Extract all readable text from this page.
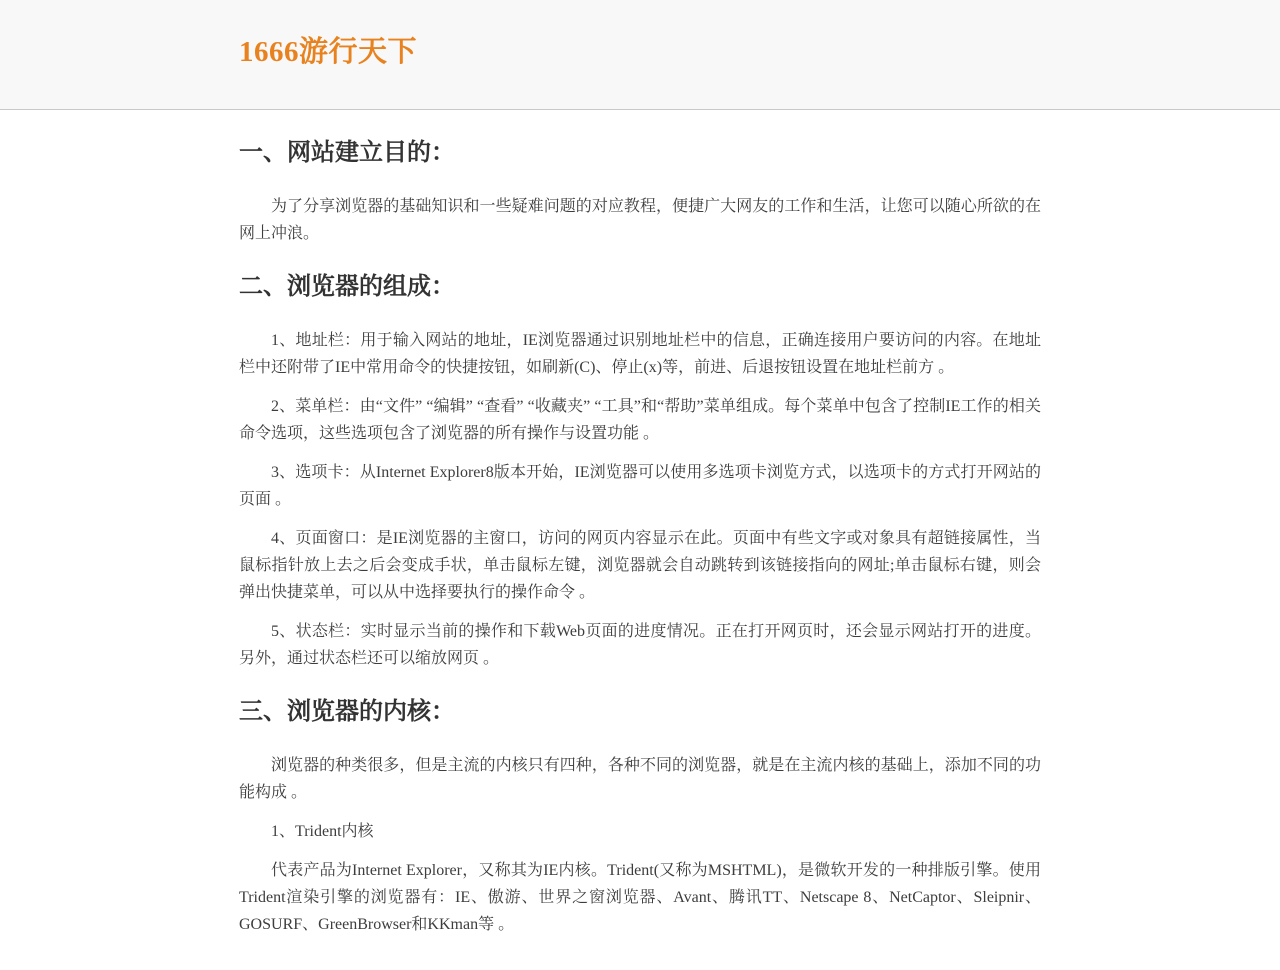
1666游行天下
一、网站建立目的：

为了分享浏览器的基础知识和一些疑难问题的对应教程，便捷广大网友的工作和生活，让您可以随心所欲的在网上冲浪。

二、浏览器的组成：

1、地址栏：用于输入网站的地址，IE浏览器通过识别地址栏中的信息，正确连接用户要访问的内容。在地址栏中还附带了IE中常用命令的快捷按钮，如刷新(C)、停止(x)等，前进、后退按钮设置在地址栏前方 。

2、菜单栏：由“文件” “编辑” “查看” “收藏夹” “工具”和“帮助”菜单组成。每个菜单中包含了控制IE工作的相关命令选项，这些选项包含了浏览器的所有操作与设置功能 。

3、选项卡：从Internet Explorer8版本开始，IE浏览器可以使用多选项卡浏览方式，以选项卡的方式打开网站的页面 。

4、页面窗口：是IE浏览器的主窗口，访问的网页内容显示在此。页面中有些文字或对象具有超链接属性，当鼠标指针放上去之后会变成手状，单击鼠标左键，浏览器就会自动跳转到该链接指向的网址;单击鼠标右键，则会弹出快捷菜单，可以从中选择要执行的操作命令 。

5、状态栏：实时显示当前的操作和下载Web页面的进度情况。正在打开网页时，还会显示网站打开的进度。另外，通过状态栏还可以缩放网页 。

三、浏览器的内核：

浏览器的种类很多，但是主流的内核只有四种，各种不同的浏览器，就是在主流内核的基础上，添加不同的功能构成 。

1、Trident内核

代表产品为Internet Explorer，又称其为IE内核。Trident(又称为MSHTML)，是微软开发的一种排版引擎。使用Trident渲染引擎的浏览器有：IE、傲游、世界之窗浏览器、Avant、腾讯TT、Netscape 8、NetCaptor、Sleipnir、GOSURF、GreenBrowser和KKman等 。
